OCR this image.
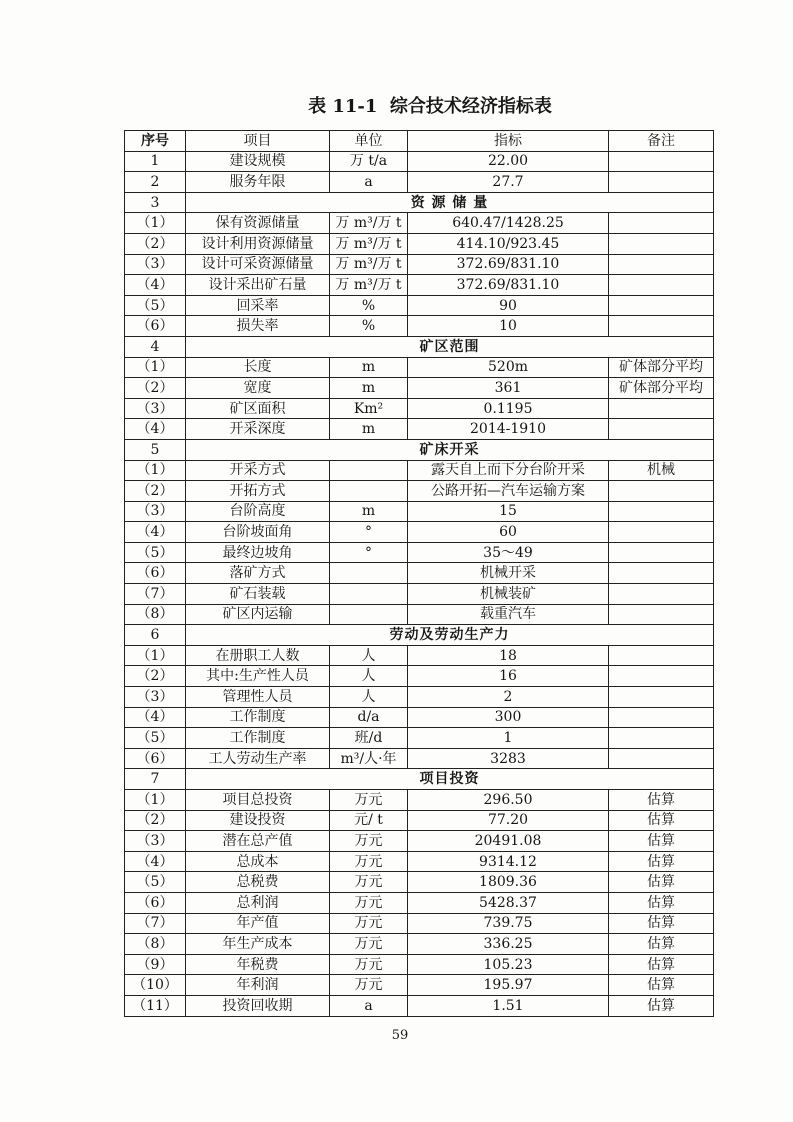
表 11-1  综合技术经济指标表
序号	项目	单位	指标	备注
1	建设规模	万 t/a	22.00	
2	服务年限	a	27.7	
3	资 源 储 量			
（1）	保有资源储量	万 m³/万 t	640.47/1428.25	
（2）	设计利用资源储量	万 m³/万 t	414.10/923.45	
（3）	设计可采资源储量	万 m³/万 t	372.69/831.10	
（4）	设计采出矿石量	万 m³/万 t	372.69/831.10	
（5）	回采率	%	90	
（6）	损失率	%	10	
4	矿区范围			
（1）	长度	m	520m	矿体部分平均
（2）	宽度	m	361	矿体部分平均
（3）	矿区面积	Km²	0.1195	
（4）	开采深度	m	2014-1910	
5	矿床开采			
（1）	开采方式		露天自上而下分台阶开采	机械
（2）	开拓方式		公路开拓—汽车运输方案	
（3）	台阶高度	m	15	
（4）	台阶坡面角	°	60	
（5）	最终边坡角	°	35～49	
（6）	落矿方式		机械开采	
（7）	矿石装载		机械装矿	
（8）	矿区内运输		载重汽车	
6	劳动及劳动生产力			
（1）	在册职工人数	人	18	
（2）	其中:生产性人员	人	16	
（3）	管理性人员	人	2	
（4）	工作制度	d/a	300	
（5）	工作制度	班/d	1	
（6）	工人劳动生产率	m³/人·年	3283	
7	项目投资			
（1）	项目总投资	万元	296.50	估算
（2）	建设投资	元/ t	77.20	估算
（3）	潜在总产值	万元	20491.08	估算
（4）	总成本	万元	9314.12	估算
（5）	总税费	万元	1809.36	估算
（6）	总利润	万元	5428.37	估算
（7）	年产值	万元	739.75	估算
（8）	年生产成本	万元	336.25	估算
（9）	年税费	万元	105.23	估算
（10）	年利润	万元	195.97	估算
（11）	投资回收期	a	1.51	估算
59
